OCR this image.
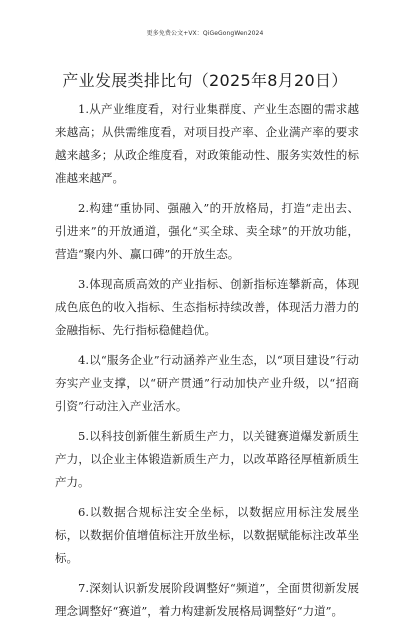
更多免费公文+VX：QiGeGongWen2024
产业发展类排比句（2025年8月20日）

1.从产业维度看，对行业集群度、产业生态圈的需求越来越高；从供需维度看，对项目投产率、企业满产率的要求越来越多；从政企维度看，对政策能动性、服务实效性的标准越来越严。

2.构建“重协同、强融入”的开放格局，打造“走出去、引进来”的开放通道，强化“买全球、卖全球”的开放功能，营造“聚内外、赢口碑”的开放生态。

3.体现高质高效的产业指标、创新指标连攀新高，体现成色底色的收入指标、生态指标持续改善，体现活力潜力的金融指标、先行指标稳健趋优。

4.以“服务企业”行动涵养产业生态，以“项目建设”行动夯实产业支撑，以“研产贯通”行动加快产业升级，以“招商引资”行动注入产业活水。

5.以科技创新催生新质生产力，以关键赛道爆发新质生产力，以企业主体锻造新质生产力，以改革路径厚植新质生产力。

6.以数据合规标注安全坐标，以数据应用标注发展坐标，以数据价值增值标注开放坐标，以数据赋能标注改革坐标。

7.深刻认识新发展阶段调整好“频道”，全面贯彻新发展理念调整好“赛道”，着力构建新发展格局调整好“力道”。
